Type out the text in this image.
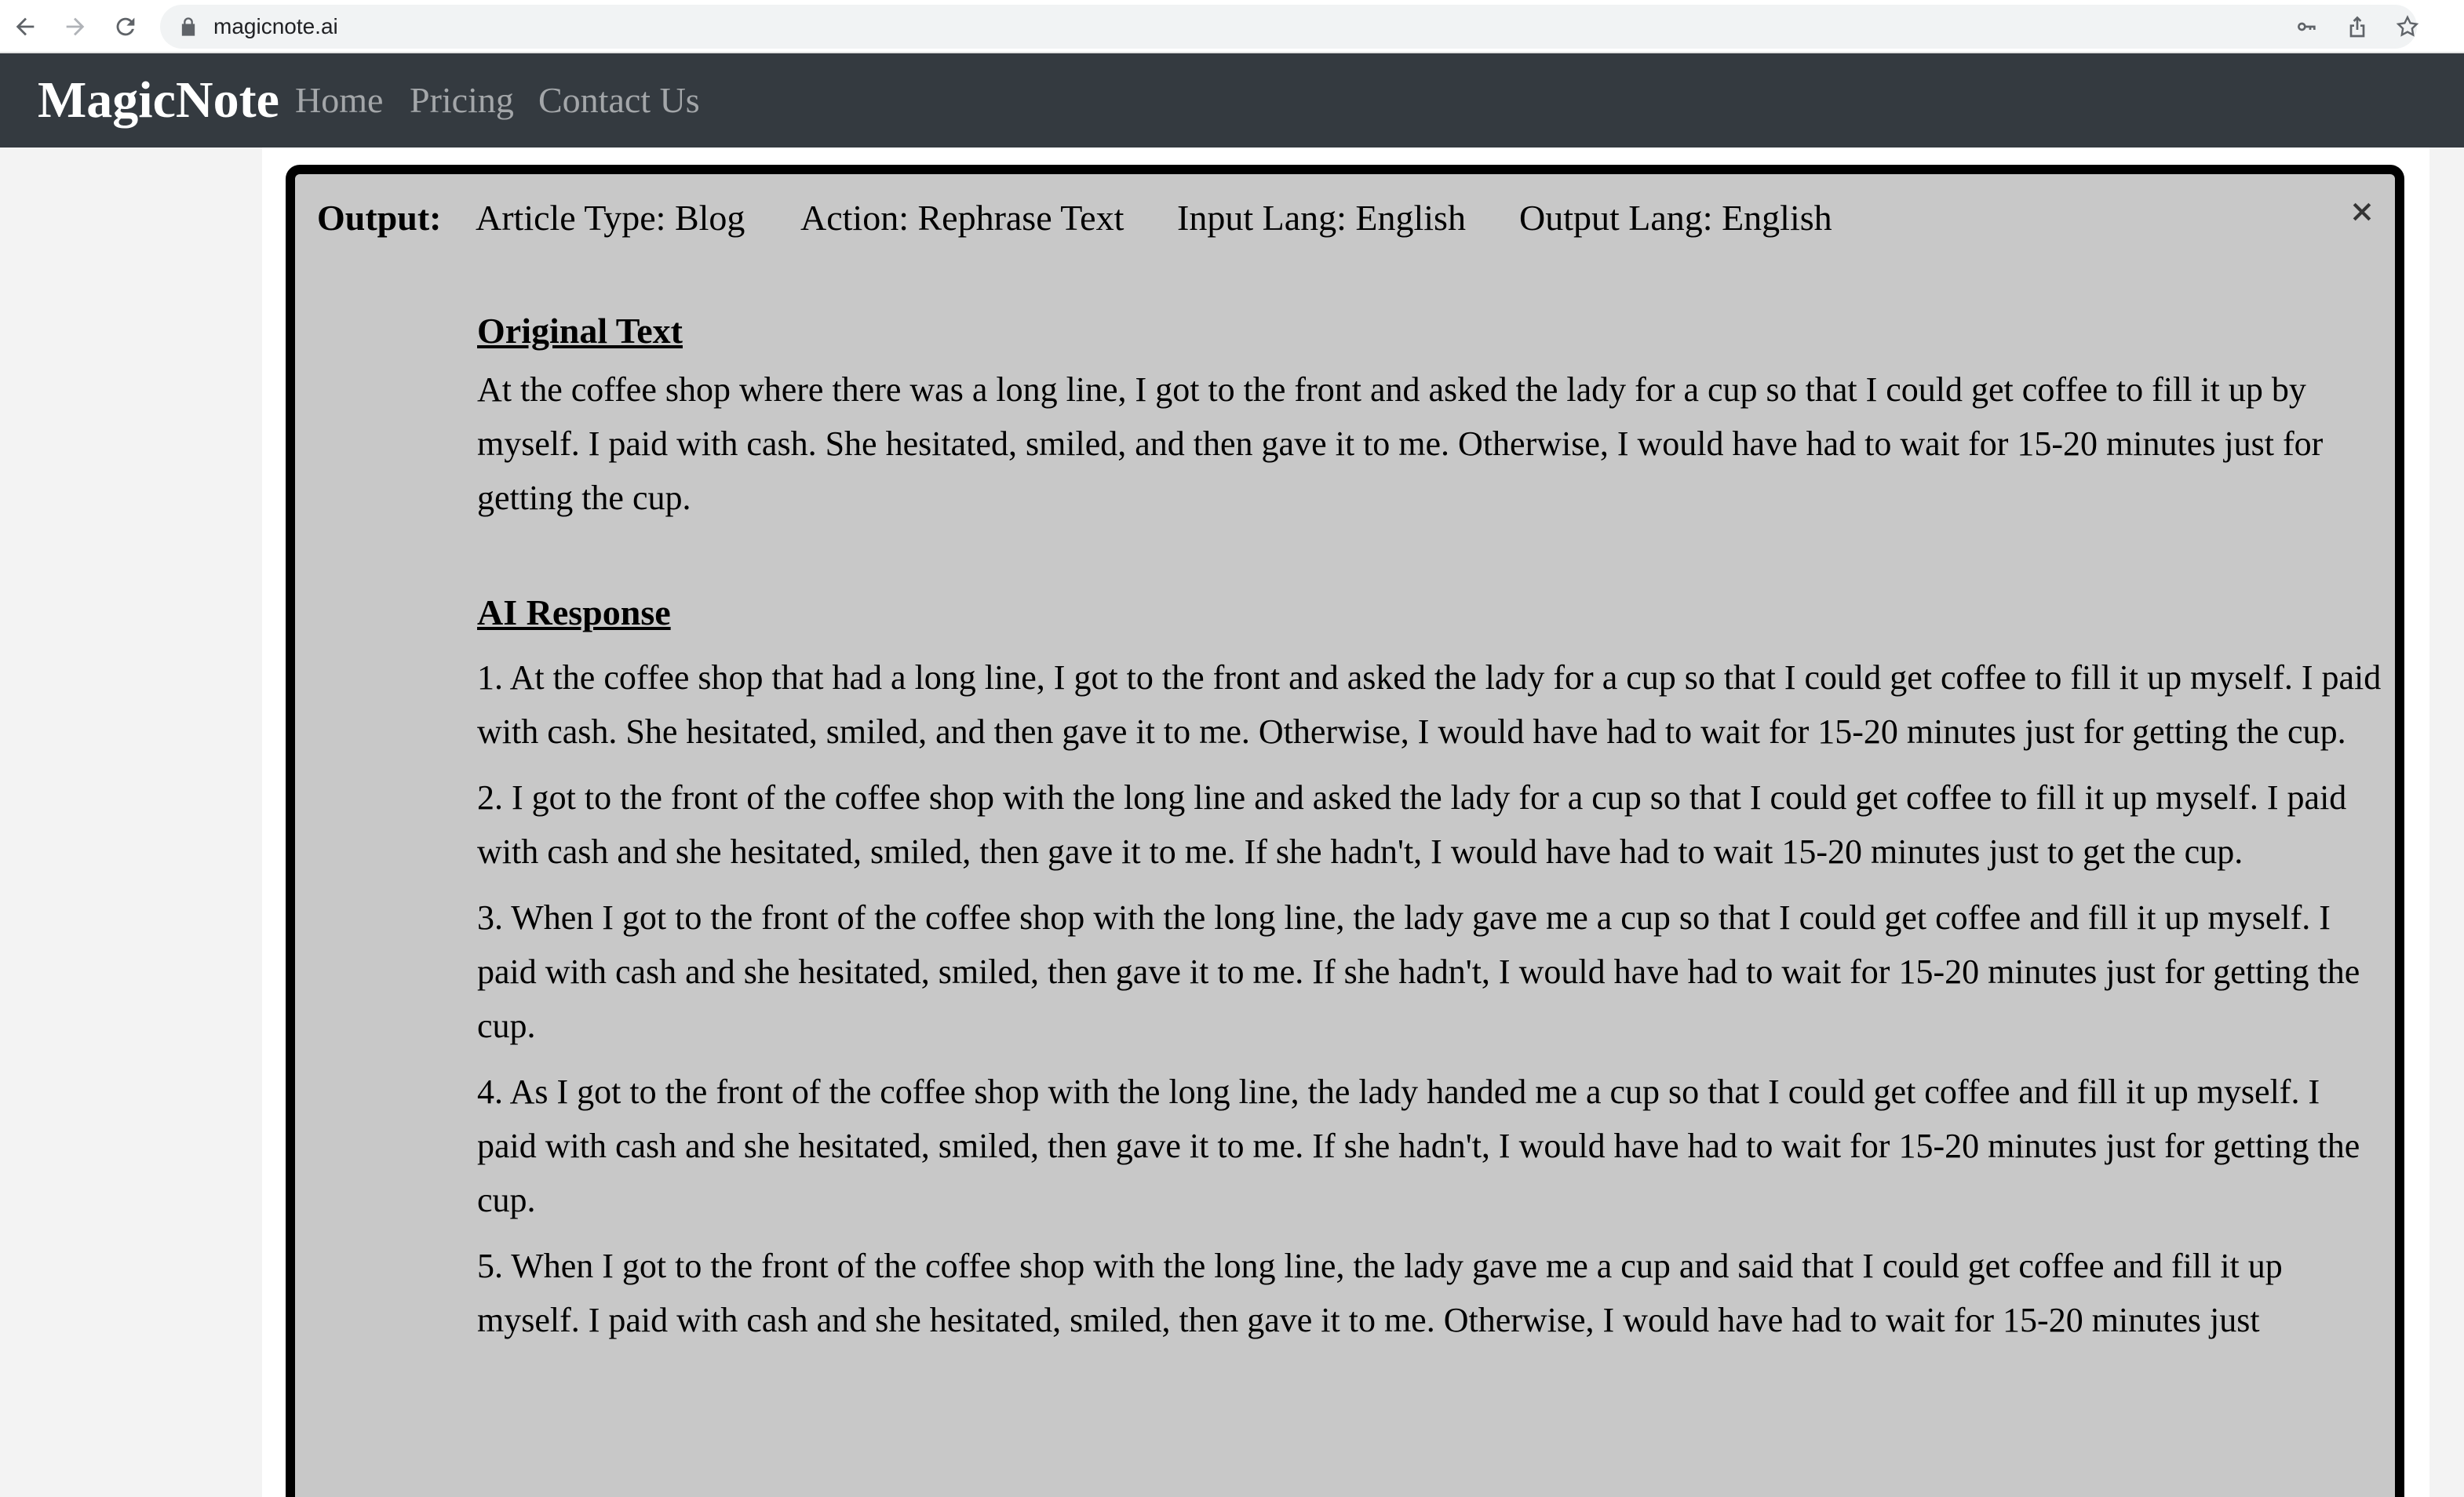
magicnote.ai
MagicNote Home Pricing Contact Us
Output: Article Type: Blog Action: Rephrase Text Input Lang: English Output Lang: English
Original Text

At the coffee shop where there was a long line, I got to the front and asked the lady for a cup so that I could get coffee to fill it up by myself. I paid with cash. She hesitated, smiled, and then gave it to me. Otherwise, I would have had to wait for 15-20 minutes just for getting the cup.

AI Response

1. At the coffee shop that had a long line, I got to the front and asked the lady for a cup so that I could get coffee to fill it up myself. I paid with cash. She hesitated, smiled, and then gave it to me. Otherwise, I would have had to wait for 15-20 minutes just for getting the cup.

2. I got to the front of the coffee shop with the long line and asked the lady for a cup so that I could get coffee to fill it up myself. I paid with cash and she hesitated, smiled, then gave it to me. If she hadn't, I would have had to wait 15-20 minutes just to get the cup.

3. When I got to the front of the coffee shop with the long line, the lady gave me a cup so that I could get coffee and fill it up myself. I paid with cash and she hesitated, smiled, then gave it to me. If she hadn't, I would have had to wait for 15-20 minutes just for getting the cup.

4. As I got to the front of the coffee shop with the long line, the lady handed me a cup so that I could get coffee and fill it up myself. I paid with cash and she hesitated, smiled, then gave it to me. If she hadn't, I would have had to wait for 15-20 minutes just for getting the cup.

5. When I got to the front of the coffee shop with the long line, the lady gave me a cup and said that I could get coffee and fill it up myself. I paid with cash and she hesitated, smiled, then gave it to me. Otherwise, I would have had to wait for 15-20 minutes just
